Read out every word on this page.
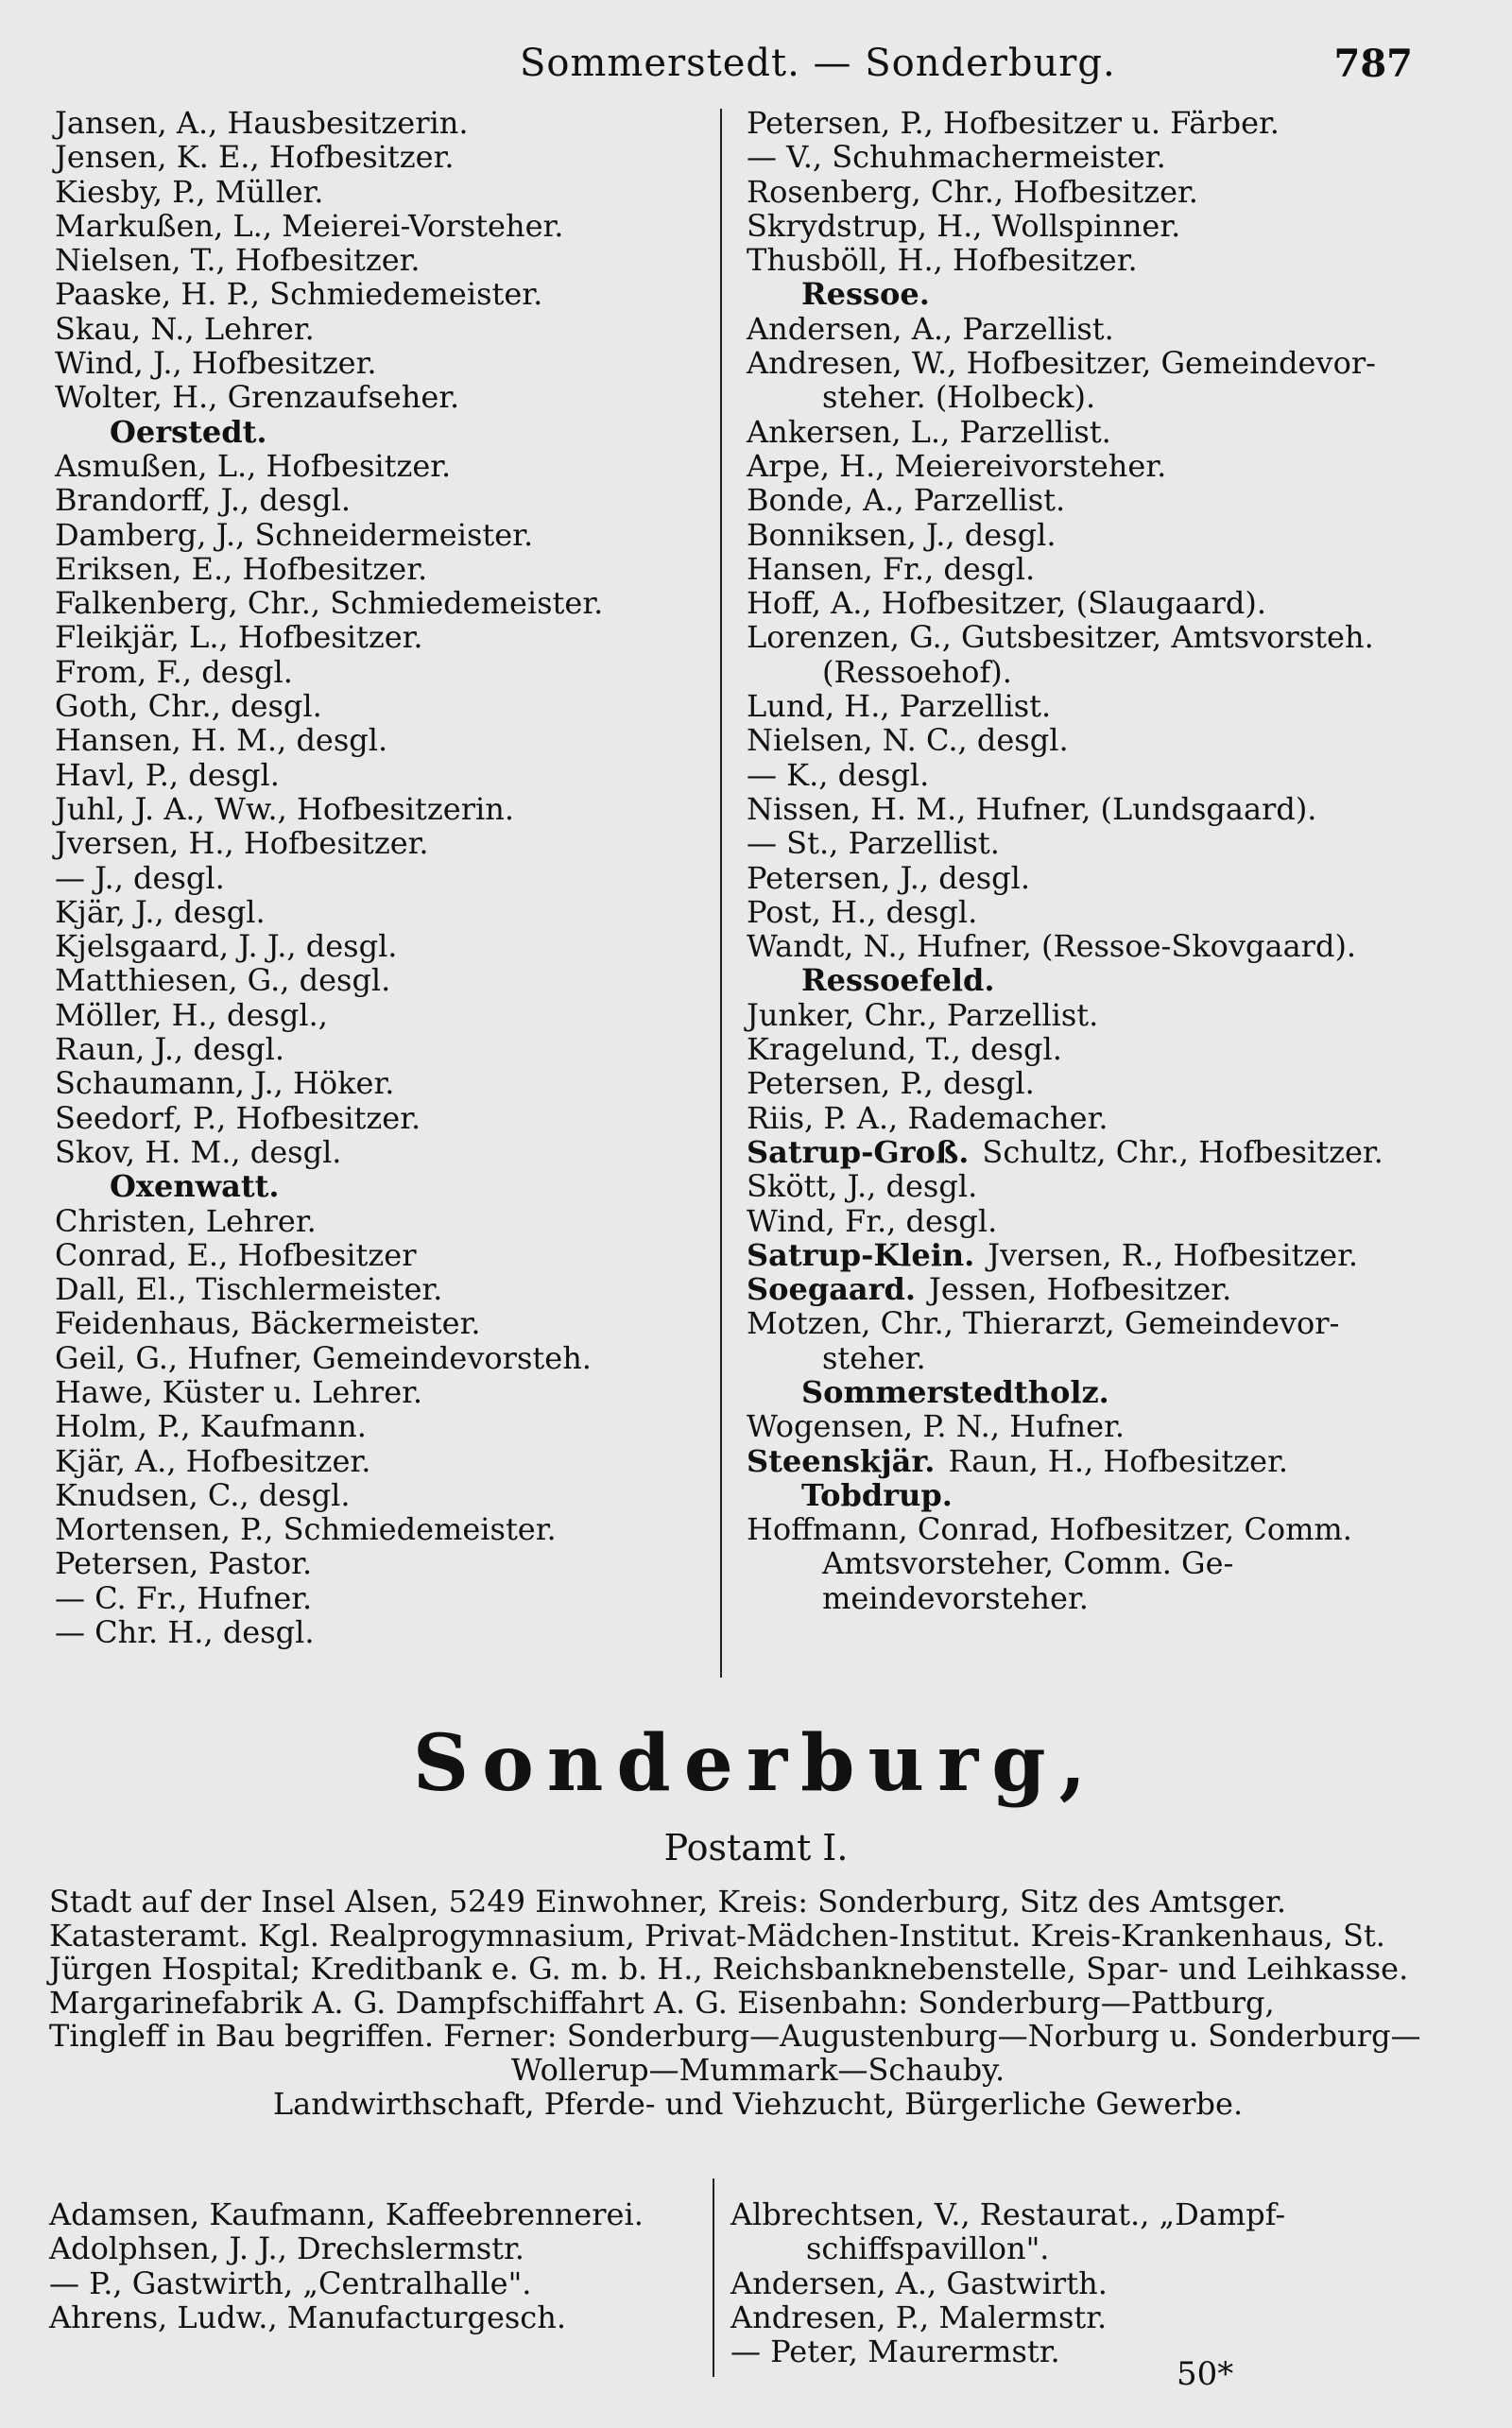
Sommerstedt. — Sonderburg.	787
Jansen, A., Hausbesitzerin.
Jensen, K. E., Hofbesitzer.
Kiesby, P., Müller.
Markußen, L., Meierei-Vorsteher.
Nielsen, T., Hofbesitzer.
Paaske, H. P., Schmiedemeister.
Skau, N., Lehrer.
Wind, J., Hofbesitzer.
Wolter, H., Grenzaufseher.
Oerstedt.
Asmußen, L., Hofbesitzer.
Brandorff, J., desgl.
Damberg, J., Schneidermeister.
Eriksen, E., Hofbesitzer.
Falkenberg, Chr., Schmiedemeister.
Fleikjär, L., Hofbesitzer.
From, F., desgl.
Goth, Chr., desgl.
Hansen, H. M., desgl.
Havl, P., desgl.
Juhl, J. A., Ww., Hofbesitzerin.
Jversen, H., Hofbesitzer.
— J., desgl.
Kjär, J., desgl.
Kjelsgaard, J. J., desgl.
Matthiesen, G., desgl.
Möller, H., desgl.,
Raun, J., desgl.
Schaumann, J., Höker.
Seedorf, P., Hofbesitzer.
Skov, H. M., desgl.
Oxenwatt.
Christen, Lehrer.
Conrad, E., Hofbesitzer
Dall, El., Tischlermeister.
Feidenhaus, Bäckermeister.
Geil, G., Hufner, Gemeindevorsteh.
Hawe, Küster u. Lehrer.
Holm, P., Kaufmann.
Kjär, A., Hofbesitzer.
Knudsen, C., desgl.
Mortensen, P., Schmiedemeister.
Petersen, Pastor.
— C. Fr., Hufner.
— Chr. H., desgl.
Petersen, P., Hofbesitzer u. Färber.
— V., Schuhmachermeister.
Rosenberg, Chr., Hofbesitzer.
Skrydstrup, H., Wollspinner.
Thusböll, H., Hofbesitzer.
Ressoe.
Andersen, A., Parzellist.
Andresen, W., Hofbesitzer, Gemeindevor-
steher. (Holbeck).
Ankersen, L., Parzellist.
Arpe, H., Meiereivorsteher.
Bonde, A., Parzellist.
Bonniksen, J., desgl.
Hansen, Fr., desgl.
Hoff, A., Hofbesitzer, (Slaugaard).
Lorenzen, G., Gutsbesitzer, Amtsvorsteh.
(Ressoehof).
Lund, H., Parzellist.
Nielsen, N. C., desgl.
— K., desgl.
Nissen, H. M., Hufner, (Lundsgaard).
— St., Parzellist.
Petersen, J., desgl.
Post, H., desgl.
Wandt, N., Hufner, (Ressoe-Skovgaard).
Ressoefeld.
Junker, Chr., Parzellist.
Kragelund, T., desgl.
Petersen, P., desgl.
Riis, P. A., Rademacher.
Satrup-Groß. Schultz, Chr., Hofbesitzer.
Skött, J., desgl.
Wind, Fr., desgl.
Satrup-Klein. Jversen, R., Hofbesitzer.
Soegaard. Jessen, Hofbesitzer.
Motzen, Chr., Thierarzt, Gemeindevor-
steher.
Sommerstedtholz.
Wogensen, P. N., Hufner.
Steenskjär. Raun, H., Hofbesitzer.
Tobdrup.
Hoffmann, Conrad, Hofbesitzer, Comm.
Amtsvorsteher, Comm. Ge-
meindevorsteher.
Sonderburg,
Postamt I.
Stadt auf der Insel Alsen, 5249 Einwohner, Kreis: Sonderburg, Sitz des Amtsger.
Katasteramt. Kgl. Realprogymnasium, Privat-Mädchen-Institut. Kreis-Krankenhaus, St.
Jürgen Hospital; Kreditbank e. G. m. b. H., Reichsbanknebenstelle, Spar- und Leihkasse.
Margarinefabrik A. G. Dampfschiffahrt A. G. Eisenbahn: Sonderburg—Pattburg,
Tingleff in Bau begriffen. Ferner: Sonderburg—Augustenburg—Norburg u. Sonderburg—
Wollerup—Mummark—Schauby.
Landwirthschaft, Pferde- und Viehzucht, Bürgerliche Gewerbe.
Adamsen, Kaufmann, Kaffeebrennerei.
Adolphsen, J. J., Drechslermstr.
— P., Gastwirth, „Centralhalle".
Ahrens, Ludw., Manufacturgesch.
Albrechtsen, V., Restaurat., „Dampf-
schiffspavillon".
Andersen, A., Gastwirth.
Andresen, P., Malermstr.
— Peter, Maurermstr.
50*
